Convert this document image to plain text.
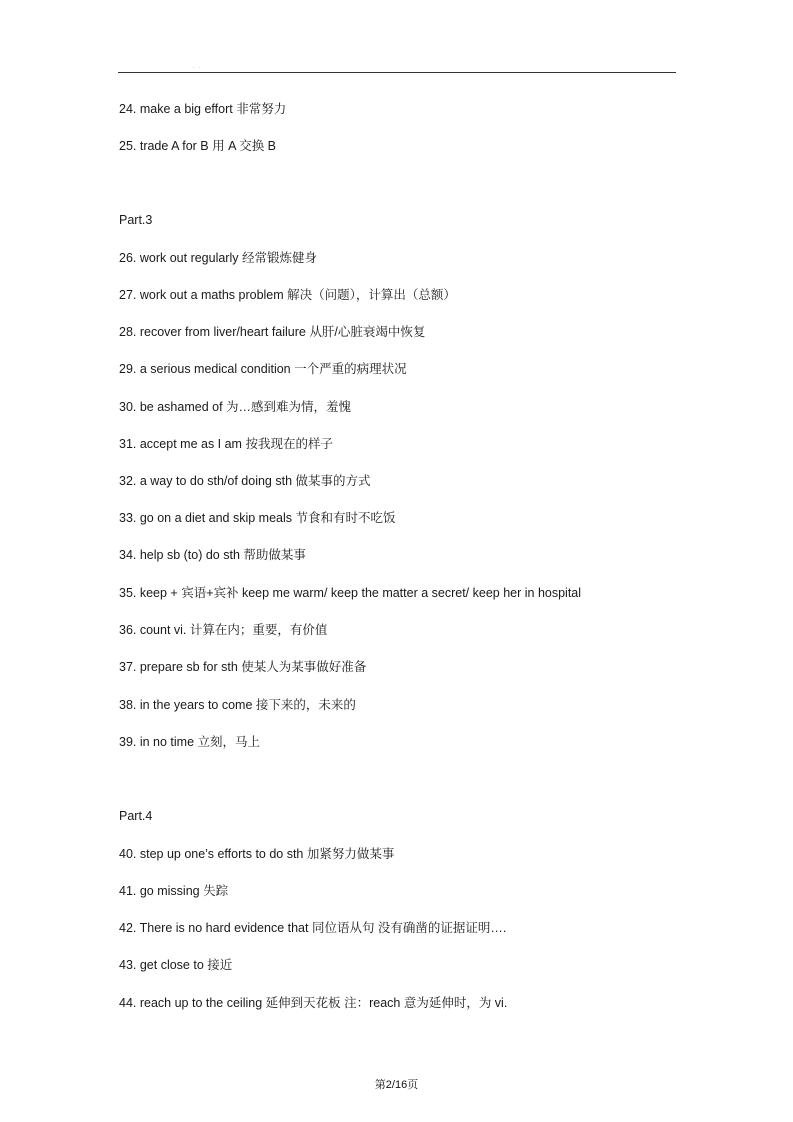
. .
24. make a big effort 非常努力
25. trade A for B 用 A 交换 B
Part.3
26. work out regularly 经常锻炼健身
27. work out a maths problem 解决（问题），计算出（总额）
28. recover from liver/heart failure 从肝/心脏衰竭中恢复
29. a serious medical condition 一个严重的病理状况
30. be ashamed of 为…感到难为情，羞愧
31. accept me as I am 按我现在的样子
32. a way to do sth/of doing sth 做某事的方式
33. go on a diet and skip meals 节食和有时不吃饭
34. help sb (to) do sth 帮助做某事
35. keep + 宾语+宾补 keep me warm/ keep the matter a secret/ keep her in hospital
36. count vi. 计算在内；重要，有价值
37. prepare sb for sth 使某人为某事做好准备
38. in the years to come 接下来的，未来的
39. in no time 立刻，马上
Part.4
40. step up one’s efforts to do sth 加紧努力做某事
41. go missing 失踪
42. There is no hard evidence that 同位语从句 没有确凿的证据证明….
43. get close to 接近
44. reach up to the ceiling 延伸到天花板 注：reach 意为延伸时，为 vi.
第2/16页
